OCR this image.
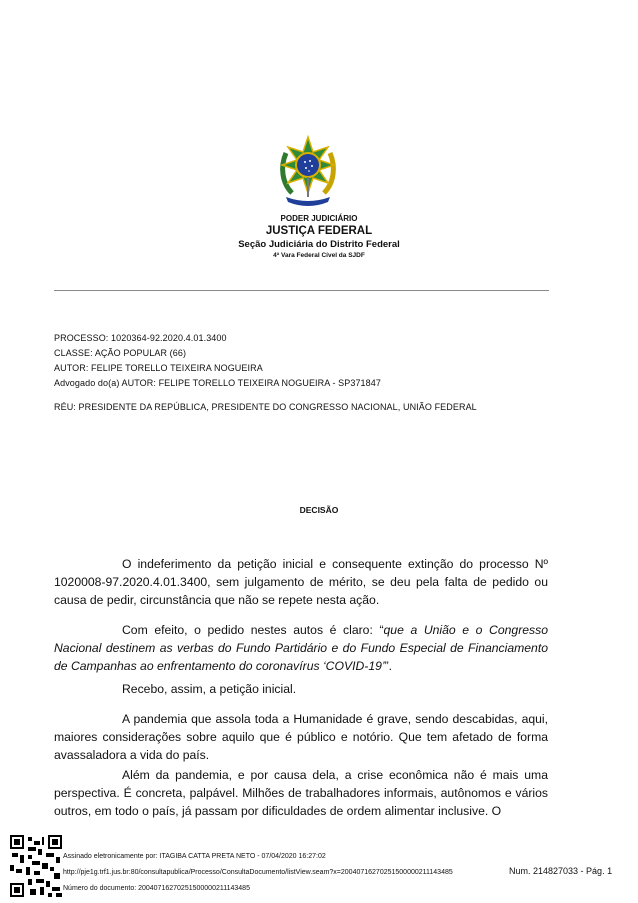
PODER JUDICIÁRIO
JUSTIÇA FEDERAL
Seção Judiciária do Distrito Federal
4ª Vara Federal Cível da SJDF
PROCESSO: 1020364-92.2020.4.01.3400
CLASSE: AÇÃO POPULAR (66)
AUTOR: FELIPE TORELLO TEIXEIRA NOGUEIRA
Advogado do(a) AUTOR: FELIPE TORELLO TEIXEIRA NOGUEIRA - SP371847
RÉU: PRESIDENTE DA REPÚBLICA, PRESIDENTE DO CONGRESSO NACIONAL, UNIÃO FEDERAL
DECISÃO

O indeferimento da petição inicial e consequente extinção do processo Nº 1020008-97.2020.4.01.3400, sem julgamento de mérito, se deu pela falta de pedido ou causa de pedir, circunstância que não se repete nesta ação.

Com efeito, o pedido nestes autos é claro: “que a União e o Congresso Nacional destinem as verbas do Fundo Partidário e do Fundo Especial de Financiamento de Campanhas ao enfrentamento do coronavírus ‘COVID-19’”.

Recebo, assim, a petição inicial.

A pandemia que assola toda a Humanidade é grave, sendo descabidas, aqui, maiores considerações sobre aquilo que é público e notório. Que tem afetado de forma avassaladora a vida do país.

Além da pandemia, e por causa dela, a crise econômica não é mais uma perspectiva. É concreta, palpável. Milhões de trabalhadores informais, autônomos e vários outros, em todo o país, já passam por dificuldades de ordem alimentar inclusive. O

Assinado eletronicamente por: ITAGIBA CATTA PRETA NETO - 07/04/2020 16:27:02
http://pje1g.trf1.jus.br:80/consultapublica/Processo/ConsultaDocumento/listView.seam?x=20040716270251500000211143485
Número do documento: 20040716270251500000211143485
Num. 214827033 - Pág. 1
